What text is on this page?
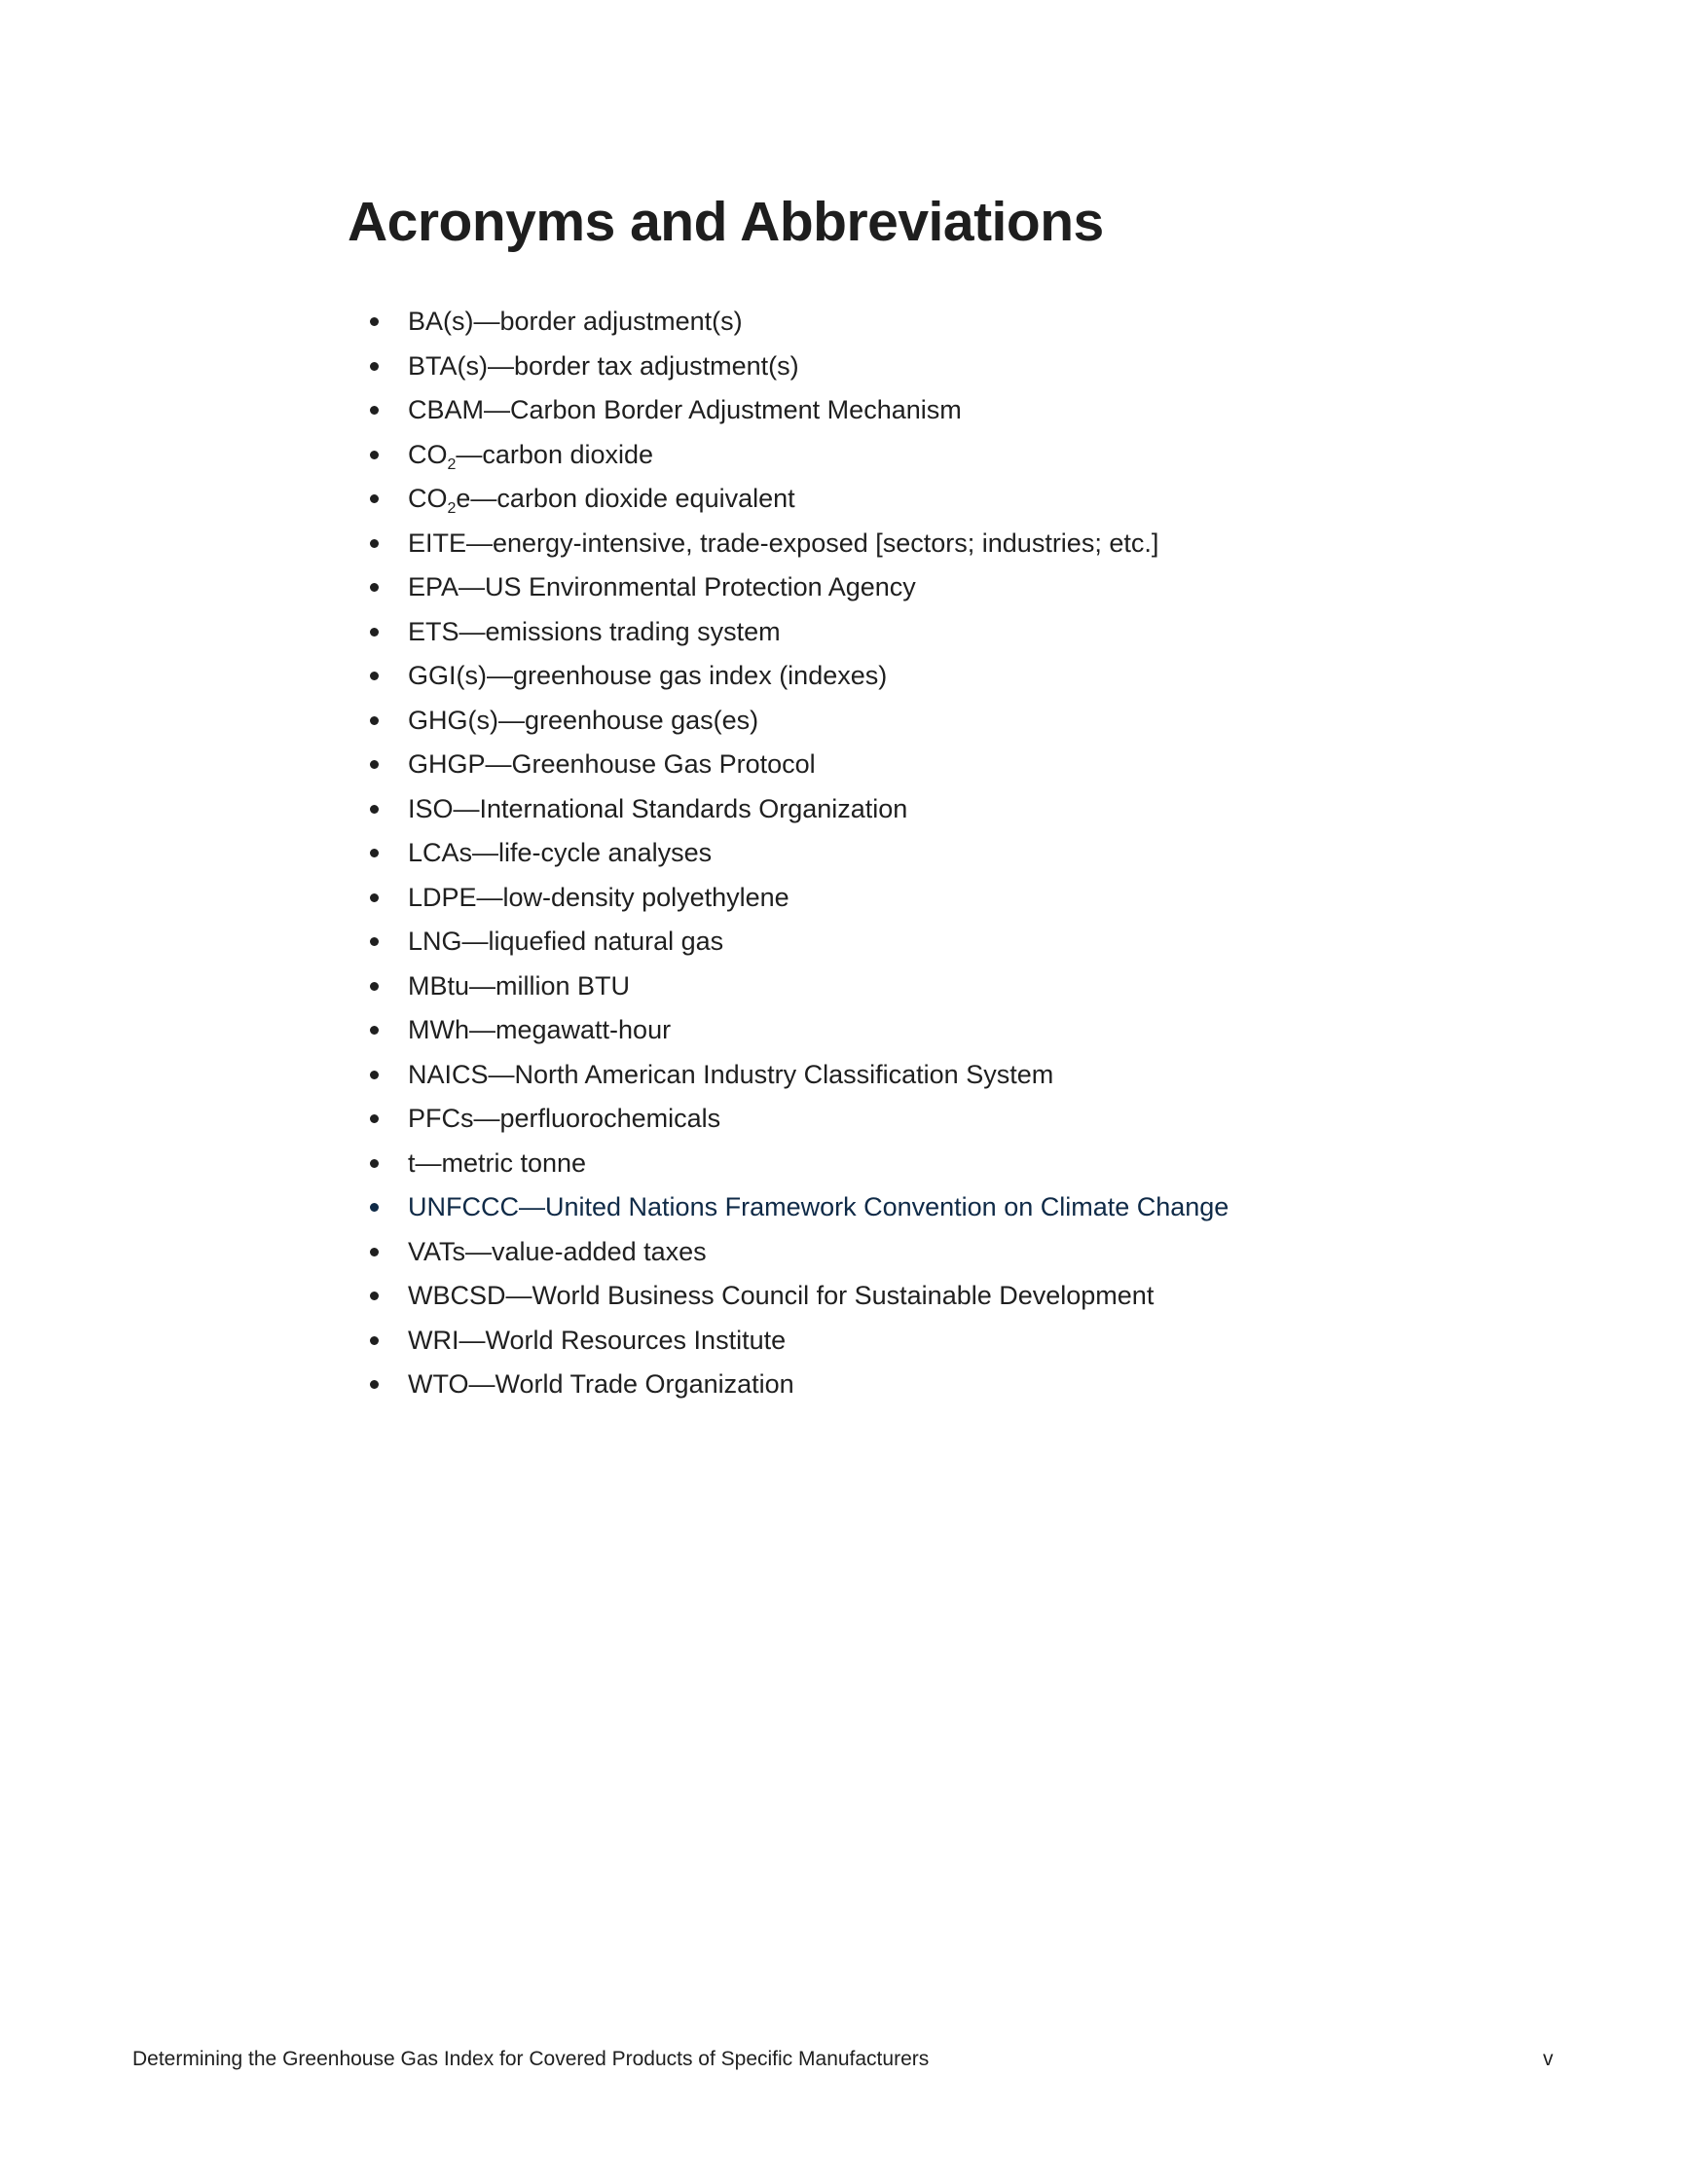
Acronyms and Abbreviations
BA(s)—border adjustment(s)
BTA(s)—border tax adjustment(s)
CBAM—Carbon Border Adjustment Mechanism
$CO_2—carbon$ dioxide
$CO_2e—carbon$ dioxide equivalent
EITE—energy-intensive, trade-exposed [sectors; industries; etc.]
EPA—US Environmental Protection Agency
ETS—emissions trading system
GGI(s)—greenhouse gas index (indexes)
GHG(s)—greenhouse gas(es)
GHGP—Greenhouse Gas Protocol
ISO—International Standards Organization
LCAs—life-cycle analyses
LDPE—low-density polyethylene
LNG—liquefied natural gas
MBtu—million BTU
MWh—megawatt-hour
NAICS—North American Industry Classification System
PFCs—perfluorochemicals
t—metric tonne
UNFCCC—United Nations Framework Convention on Climate Change
VATs—value-added taxes
WBCSD—World Business Council for Sustainable Development
WRI—World Resources Institute
WTO—World Trade Organization
Determining the Greenhouse Gas Index for Covered Products of Specific Manufacturers	v
